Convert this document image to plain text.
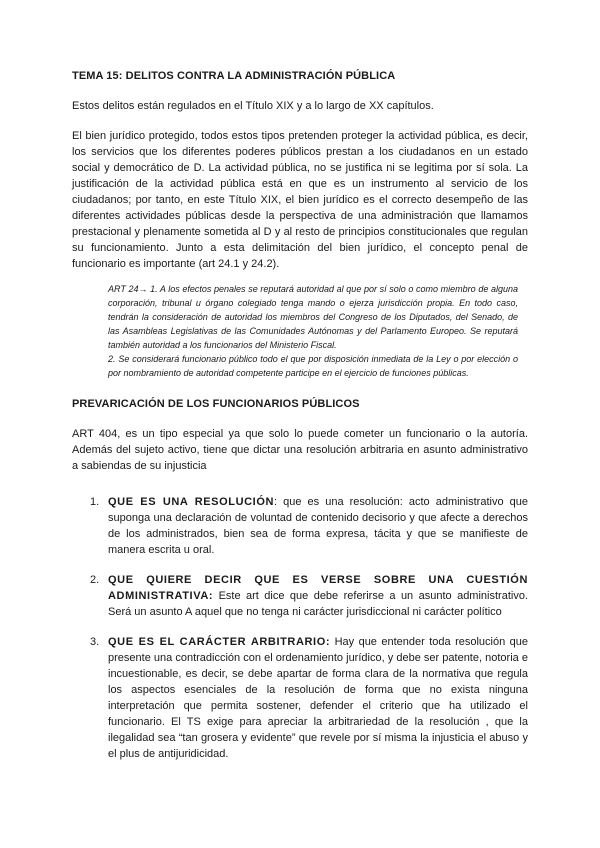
TEMA 15: DELITOS CONTRA LA ADMINISTRACIÓN PÚBLICA

Estos delitos están regulados en el Título XIX y a lo largo de XX capítulos.

El bien jurídico protegido, todos estos tipos pretenden proteger la actividad pública, es decir, los servicios que los diferentes poderes públicos prestan a los ciudadanos en un estado social y democrático de D. La actividad pública, no se justifica ni se legitima por sí sola. La justificación de la actividad pública está en que es un instrumento al servicio de los ciudadanos; por tanto, en este Título XIX, el bien jurídico es el correcto desempeño de las diferentes actividades públicas desde la perspectiva de una administración que llamamos prestacional y plenamente sometida al D y al resto de principios constitucionales que regulan su funcionamiento. Junto a esta delimitación del bien jurídico, el concepto penal de funcionario es importante (art 24.1 y 24.2).

ART 24→ 1. A los efectos penales se reputará autoridad al que por sí solo o como miembro de alguna corporación, tribunal u órgano colegiado tenga mando o ejerza jurisdicción propia. En todo caso, tendrán la consideración de autoridad los miembros del Congreso de los Diputados, del Senado, de las Asambleas Legislativas de las Comunidades Autónomas y del Parlamento Europeo. Se reputará también autoridad a los funcionarios del Ministerio Fiscal.

2. Se considerará funcionario público todo el que por disposición inmediata de la Ley o por elección o por nombramiento de autoridad competente participe en el ejercicio de funciones públicas.

PREVARICACIÓN DE LOS FUNCIONARIOS PÚBLICOS

ART 404, es un tipo especial ya que solo lo puede cometer un funcionario o la autoría. Además del sujeto activo, tiene que dictar una resolución arbitraria en asunto administrativo a sabiendas de su injusticia

1. QUE ES UNA RESOLUCIÓN: que es una resolución: acto administrativo que suponga una declaración de voluntad de contenido decisorio y que afecte a derechos de los administrados, bien sea de forma expresa, tácita y que se manifieste de manera escrita u oral.
2. QUE QUIERE DECIR QUE ES VERSE SOBRE UNA CUESTIÓN ADMINISTRATIVA: Este art dice que debe referirse a un asunto administrativo. Será un asunto A aquel que no tenga ni carácter jurisdiccional ni carácter político
3. QUE ES EL CARÁCTER ARBITRARIO: Hay que entender toda resolución que presente una contradicción con el ordenamiento jurídico, y debe ser patente, notoria e incuestionable, es decir, se debe apartar de forma clara de la normativa que regula los aspectos esenciales de la resolución de forma que no exista ninguna interpretación que permita sostener, defender el criterio que ha utilizado el funcionario. El TS exige para apreciar la arbitrariedad de la resolución , que la ilegalidad sea “tan grosera y evidente” que revele por sí misma la injusticia el abuso y el plus de antijuridicidad.
